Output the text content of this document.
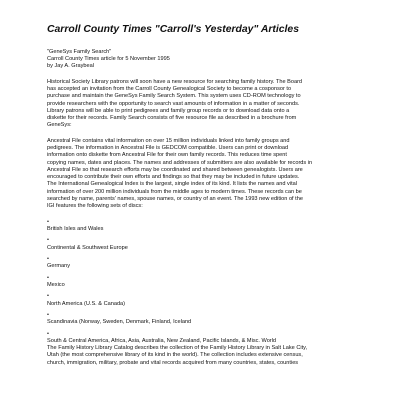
Carroll County Times "Carroll's Yesterday" Articles
"GeneSys Family Search"
Carroll County Times article for 5 November 1995
by Jay A. Graybeal
Historical Society Library patrons will soon have a new resource for searching family history. The Board
has accepted an invitation from the Carroll County Genealogical Society to become a cosponsor to
purchase and maintain the GeneSys Family Search System. This system uses CD-ROM technology to
provide researchers with the opportunity to search vast amounts of information in a matter of seconds.
Library patrons will be able to print pedigrees and family group records or to download data onto a
diskette for their records. Family Search consists of five resource file as described in a brochure from
GeneSys:
Ancestral File contains vital information on over 15 million individuals linked into family groups and
pedigrees. The information in Ancestral File is GEDCOM compatible. Users can print or download
information onto diskette from Ancestral File for their own family records. This reduces time spent
copying names, dates and places. The names and addresses of submitters are also available for records in
Ancestral File so that research efforts may be coordinated and shared between genealogists. Users are
encouraged to contribute their own efforts and findings so that they may be included in future updates.
The International Genealogical Index is the largest, single index of its kind. It lists the names and vital
information of over 200 million individuals from the middle ages to modern times. These records can be
searched by name, parents' names, spouse names, or country of an event. The 1993 new edition of the
IGI features the following sets of discs:
•
British Isles and Wales
•
Continental & Southwest Europe
•
Germany
•
Mexico
•
North America (U.S. & Canada)
•
Scandinavia (Norway, Sweden, Denmark, Finland, Iceland
•
South & Central America, Africa, Asia, Australia, New Zealand, Pacific Islands, & Misc. World
The Family History Library Catalog describes the collection of the Family History Library in Salt Lake City,
Utah (the most comprehensive library of its kind in the world). The collection includes extensive census,
church, immigration, military, probate and vital records acquired from many countries, states, counties
